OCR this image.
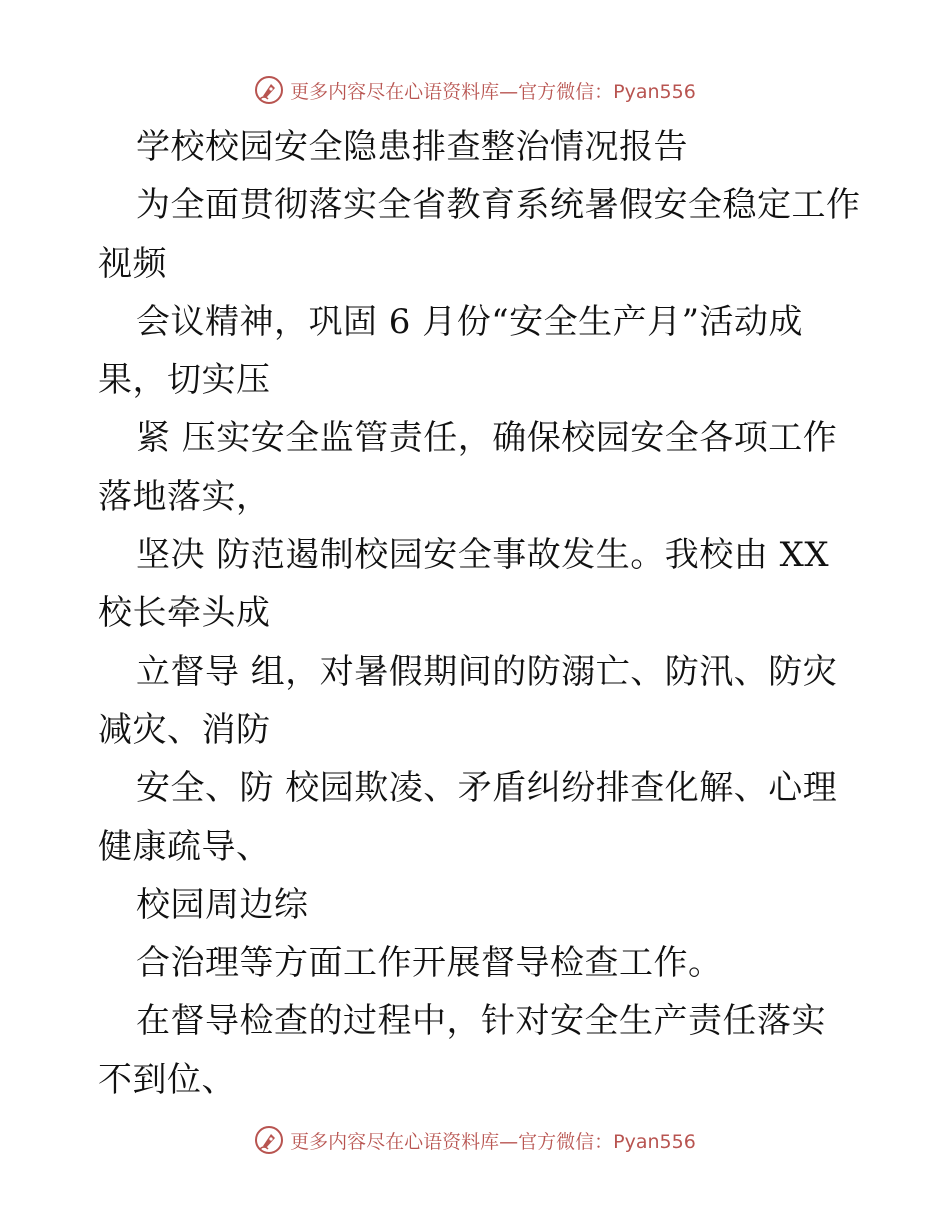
更多内容尽在心语资料库—官方微信：Pyan556
学校校园安全隐患排查整治情况报告
为全面贯彻落实全省教育系统暑假安全稳定工作
视频
会议精神，巩固 6 月份“安全生产月”活动成
果，切实压
紧 压实安全监管责任，确保校园安全各项工作
落地落实，
坚决 防范遏制校园安全事故发生。我校由 XX
校长牵头成
立督导 组，对暑假期间的防溺亡、防汛、防灾
减灾、消防
安全、防 校园欺凌、矛盾纠纷排查化解、心理
健康疏导、
校园周边综
合治理等方面工作开展督导检查工作。
在督导检查的过程中，针对安全生产责任落实
不到位、
更多内容尽在心语资料库—官方微信：Pyan556
